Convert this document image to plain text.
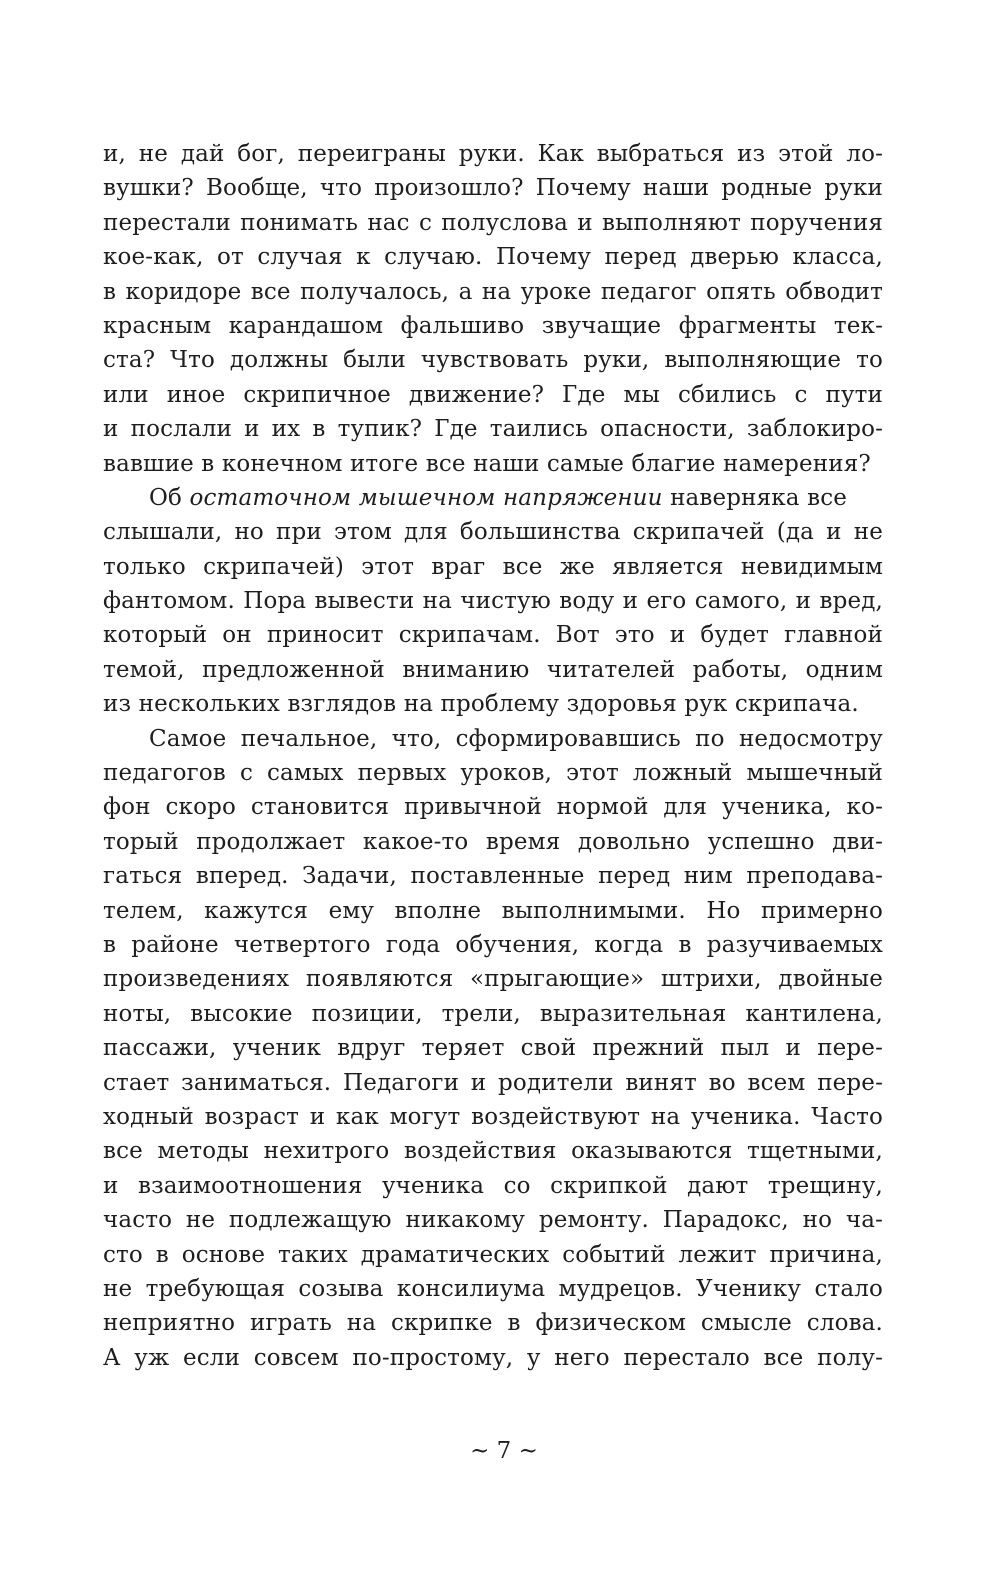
и, не дай бог, переиграны руки. Как выбраться из этой ло-
вушки? Вообще, что произошло? Почему наши родные руки
перестали понимать нас с полуслова и выполняют поручения
кое-как, от случая к случаю. Почему перед дверью класса,
в коридоре все получалось, а на уроке педагог опять обводит
красным карандашом фальшиво звучащие фрагменты тек-
ста? Что должны были чувствовать руки, выполняющие то
или иное скрипичное движение? Где мы сбились с пути
и послали и их в тупик? Где таились опасности, заблокиро-
вавшие в конечном итоге все наши самые благие намерения?
Об остаточном мышечном напряжении наверняка все
слышали, но при этом для большинства скрипачей (да и не
только скрипачей) этот враг все же является невидимым
фантомом. Пора вывести на чистую воду и его самого, и вред,
который он приносит скрипачам. Вот это и будет главной
темой, предложенной вниманию читателей работы, одним
из нескольких взглядов на проблему здоровья рук скрипача.
Самое печальное, что, сформировавшись по недосмотру
педагогов с самых первых уроков, этот ложный мышечный
фон скоро становится привычной нормой для ученика, ко-
торый продолжает какое-то время довольно успешно дви-
гаться вперед. Задачи, поставленные перед ним преподава-
телем, кажутся ему вполне выполнимыми. Но примерно
в районе четвертого года обучения, когда в разучиваемых
произведениях появляются «прыгающие» штрихи, двойные
ноты, высокие позиции, трели, выразительная кантилена,
пассажи, ученик вдруг теряет свой прежний пыл и пере-
стает заниматься. Педагоги и родители винят во всем пере-
ходный возраст и как могут воздействуют на ученика. Часто
все методы нехитрого воздействия оказываются тщетными,
и взаимоотношения ученика со скрипкой дают трещину,
часто не подлежащую никакому ремонту. Парадокс, но ча-
сто в основе таких драматических событий лежит причина,
не требующая созыва консилиума мудрецов. Ученику стало
неприятно играть на скрипке в физическом смысле слова.
А уж если совсем по-простому, у него перестало все полу-
~ 7 ~
